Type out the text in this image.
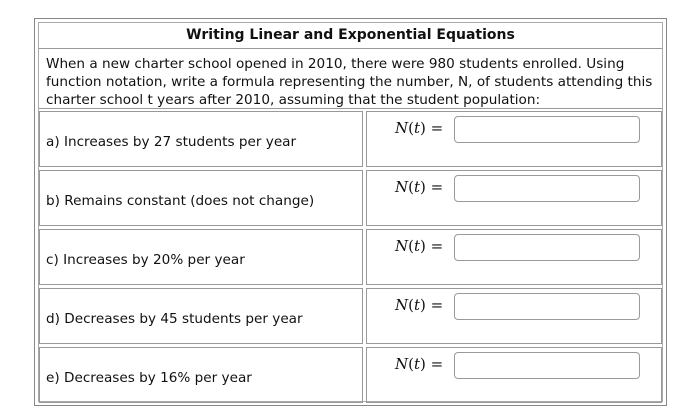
Writing Linear and Exponential Equations
When a new charter school opened in 2010, there were 980 students enrolled. Using function notation, write a formula representing the number, N, of students attending this charter school t years after 2010, assuming that the student population:
a) Increases by 27 students per year
N(t) =
b) Remains constant (does not change)
N(t) =
c) Increases by 20% per year
N(t) =
d) Decreases by 45 students per year
N(t) =
e) Decreases by 16% per year
N(t) =
